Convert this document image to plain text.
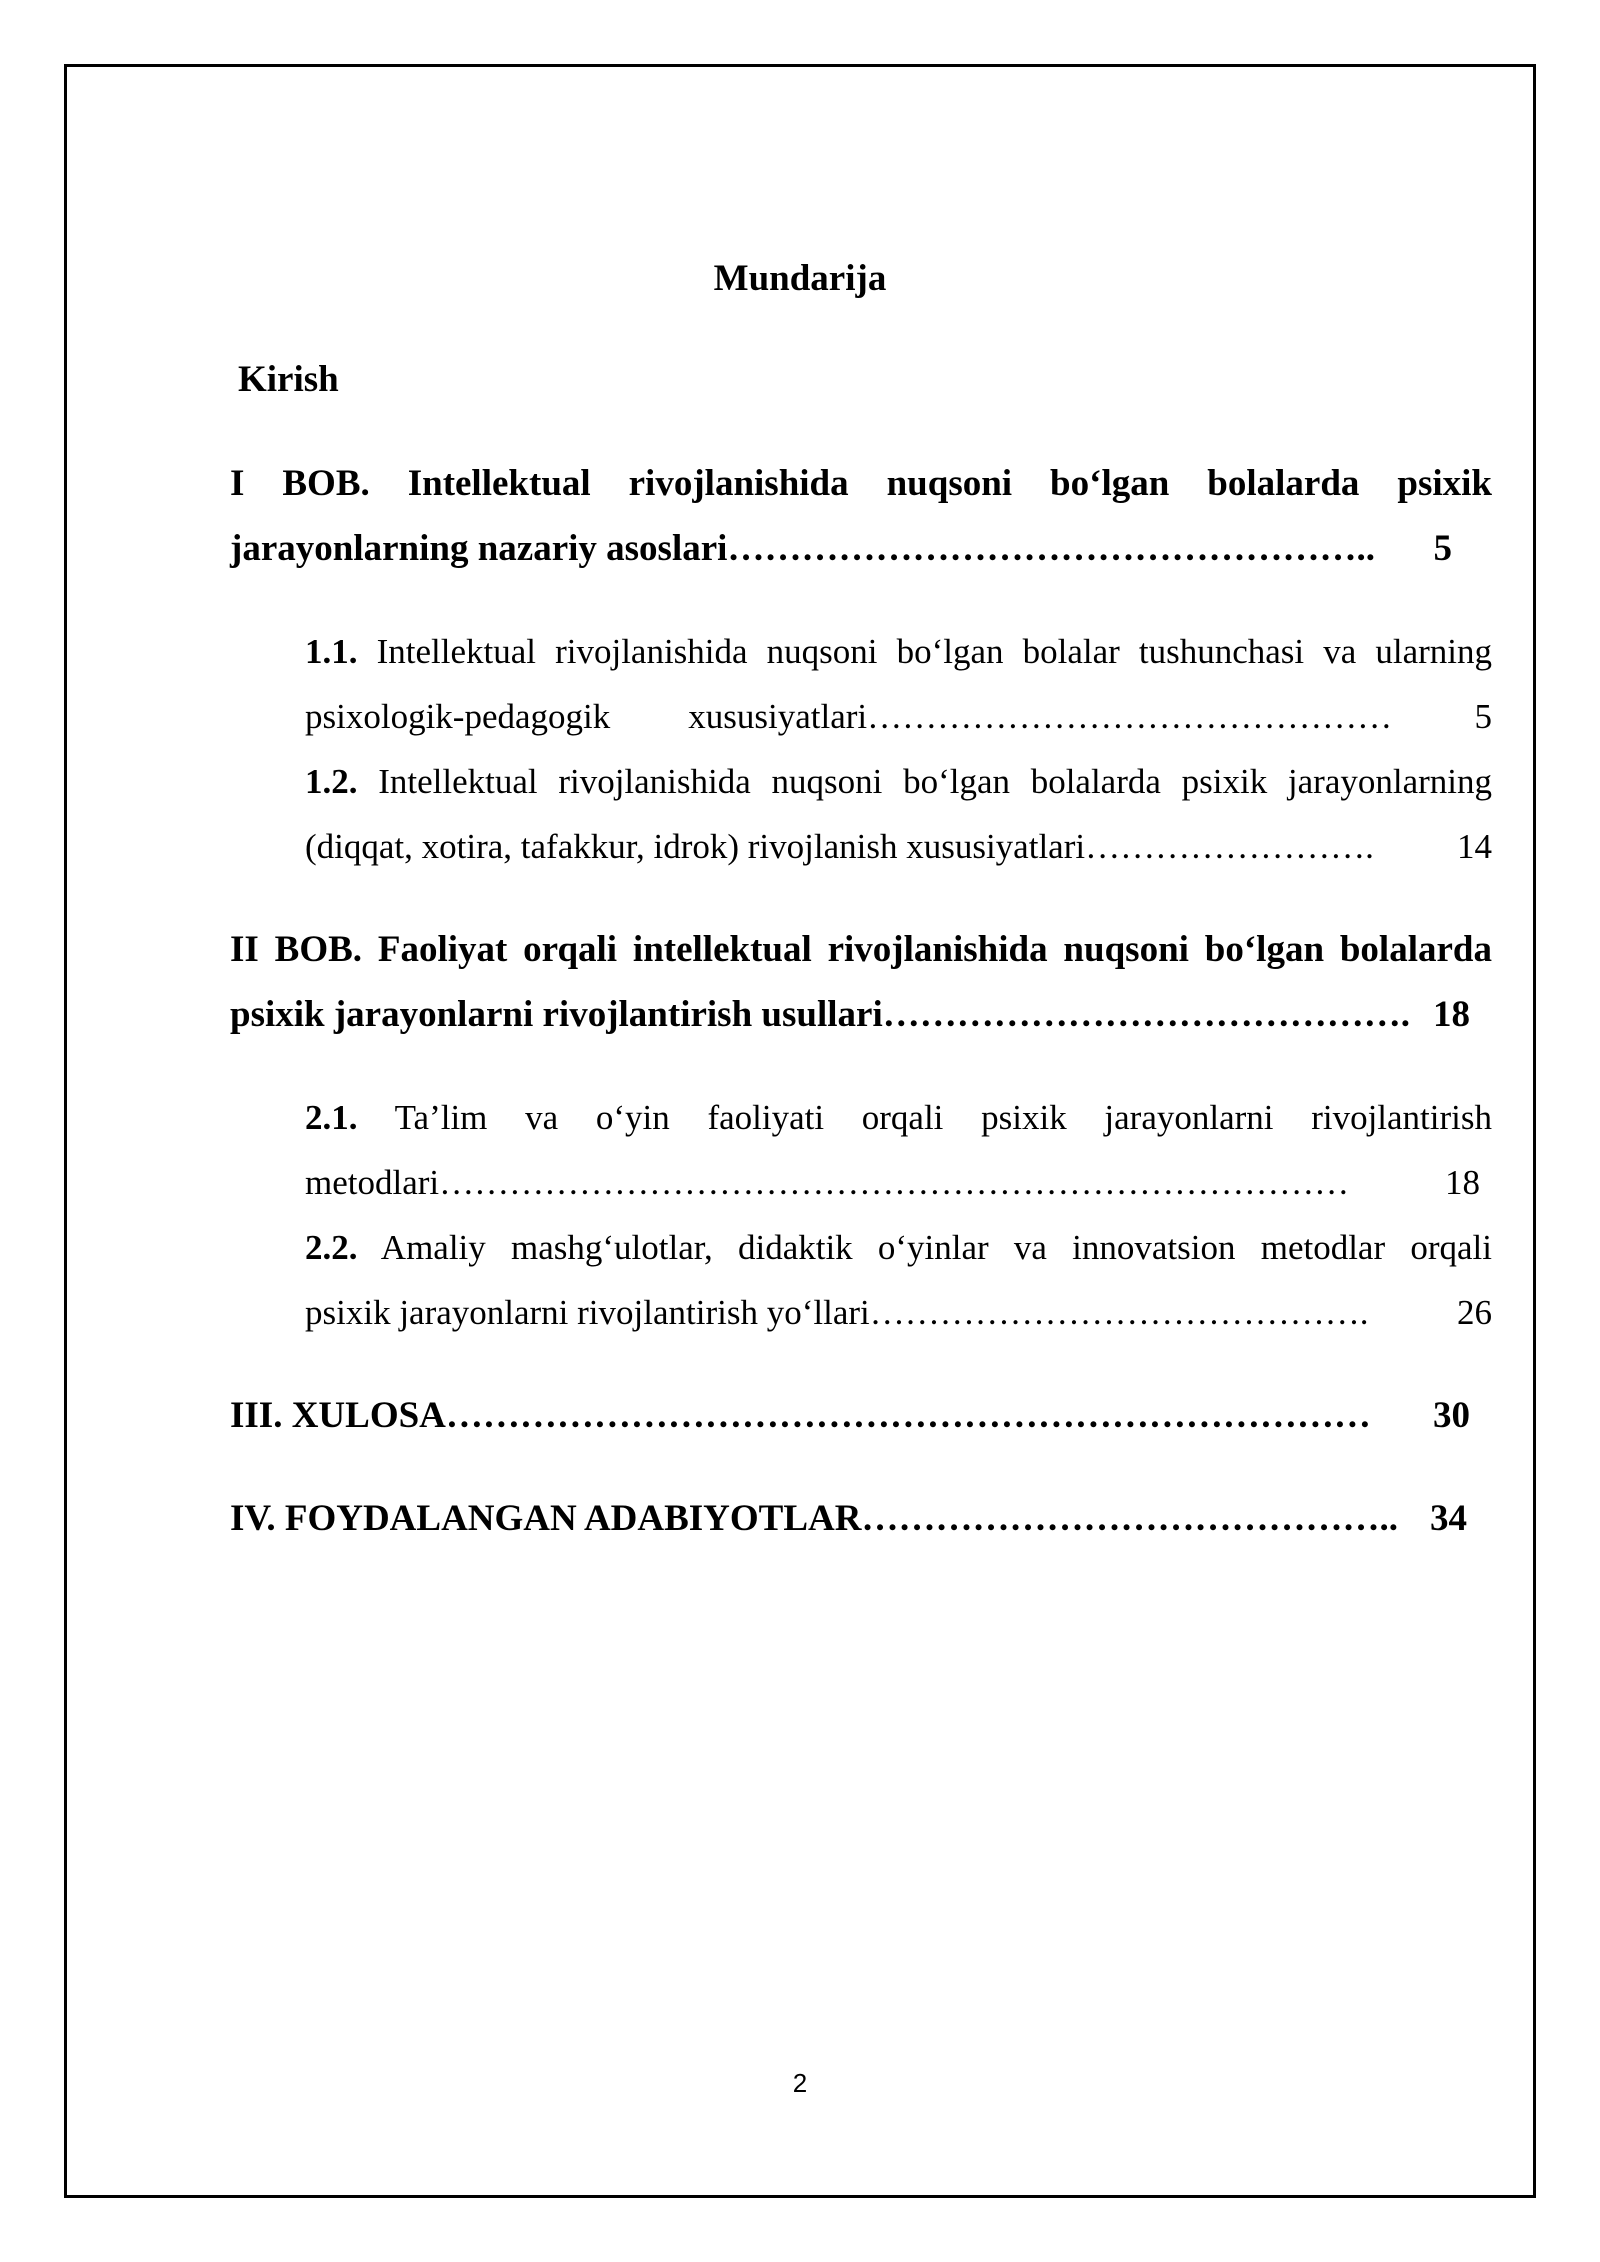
Mundarija
Kirish
I BOB. Intellektual rivojlanishida nuqsoni bo‘lgan bolalarda psixik
jarayonlarning nazariy asoslari ……………………………………………..	5
1.1. Intellektual rivojlanishida nuqsoni bo‘lgan bolalar tushunchasi va ularning
psixologik-pedagogik xususiyatlari ………………………………………	5
1.2. Intellektual rivojlanishida nuqsoni bo‘lgan bolalarda psixik jarayonlarning
(diqqat, xotira, tafakkur, idrok) rivojlanish xususiyatlari …………………….	14
II BOB. Faoliyat orqali intellektual rivojlanishida nuqsoni bo‘lgan bolalarda
psixik jarayonlarni rivojlantirish usullari ……………………………………. 18
2.1. Ta’lim va o‘yin faoliyati orqali psixik jarayonlarni rivojlantirish
metodlari ……………………………………………………………………	18
2.2. Amaliy mashg‘ulotlar, didaktik o‘yinlar va innovatsion metodlar orqali
psixik jarayonlarni rivojlantirish yo‘llari …………………………………….	26
III. XULOSA …………………………………………………………………	30
IV. FOYDALANGAN ADABIYOTLAR …………………………………….. 34
2
